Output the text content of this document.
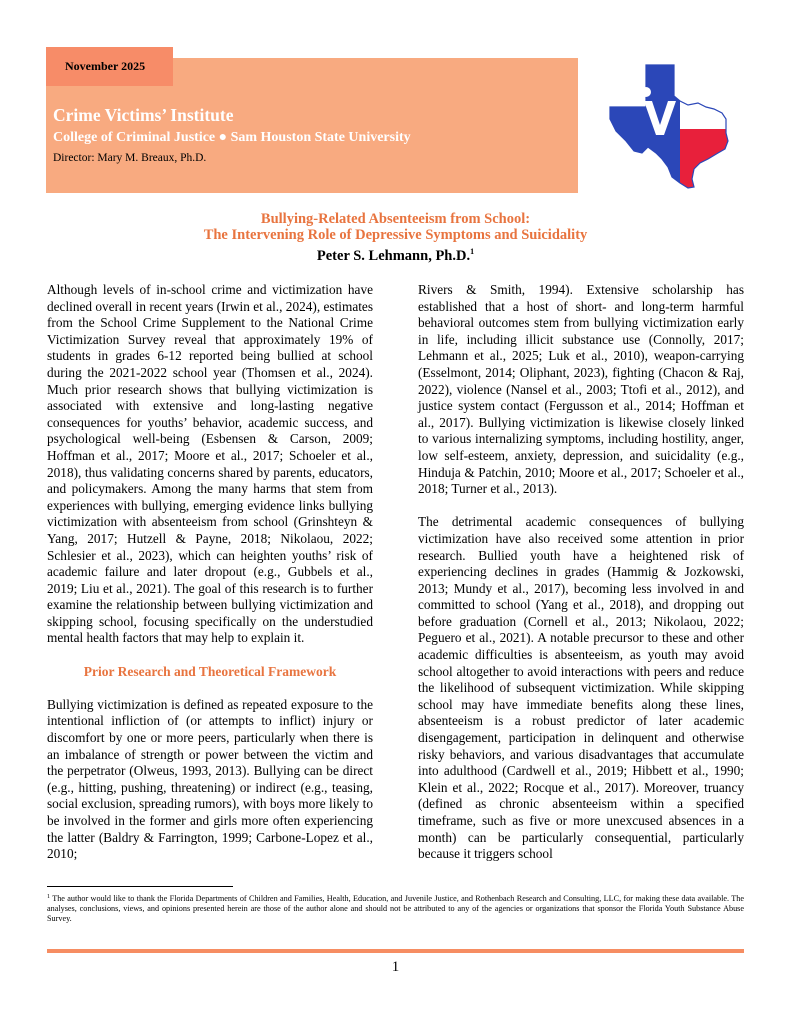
November 2025
Crime Victims’ Institute
College of Criminal Justice ● Sam Houston State University
Director: Mary M. Breaux, Ph.D.
Bullying-Related Absenteeism from School:
The Intervening Role of Depressive Symptoms and Suicidality
Peter S. Lehmann, Ph.D.$^1$

Although levels of in-school crime and victimization have declined overall in recent years (Irwin et al., 2024), estimates from the School Crime Supplement to the National Crime Victimization Survey reveal that approximately 19% of students in grades 6-12 reported being bullied at school during the 2021-2022 school year (Thomsen et al., 2024). Much prior research shows that bullying victimization is associated with extensive and long-lasting negative consequences for youths’ behavior, academic success, and psychological well-being (Esbensen & Carson, 2009; Hoffman et al., 2017; Moore et al., 2017; Schoeler et al., 2018), thus validating concerns shared by parents, educators, and policymakers. Among the many harms that stem from experiences with bullying, emerging evidence links bullying victimization with absenteeism from school (Grinshteyn & Yang, 2017; Hutzell & Payne, 2018; Nikolaou, 2022; Schlesier et al., 2023), which can heighten youths’ risk of academic failure and later dropout (e.g., Gubbels et al., 2019; Liu et al., 2021). The goal of this research is to further examine the relationship between bullying victimization and skipping school, focusing specifically on the understudied mental health factors that may help to explain it.

Prior Research and Theoretical Framework

Bullying victimization is defined as repeated exposure to the intentional infliction of (or attempts to inflict) injury or discomfort by one or more peers, particularly when there is an imbalance of strength or power between the victim and the perpetrator (Olweus, 1993, 2013). Bullying can be direct (e.g., hitting, pushing, threatening) or indirect (e.g., teasing, social exclusion, spreading rumors), with boys more likely to be involved in the former and girls more often experiencing the latter (Baldry & Farrington, 1999; Carbone-Lopez et al., 2010;

Rivers & Smith, 1994). Extensive scholarship has established that a host of short- and long-term harmful behavioral outcomes stem from bullying victimization early in life, including illicit substance use (Connolly, 2017; Lehmann et al., 2025; Luk et al., 2010), weapon-carrying (Esselmont, 2014; Oliphant, 2023), fighting (Chacon & Raj, 2022), violence (Nansel et al., 2003; Ttofi et al., 2012), and justice system contact (Fergusson et al., 2014; Hoffman et al., 2017). Bullying victimization is likewise closely linked to various internalizing symptoms, including hostility, anger, low self-esteem, anxiety, depression, and suicidality (e.g., Hinduja & Patchin, 2010; Moore et al., 2017; Schoeler et al., 2018; Turner et al., 2013).

The detrimental academic consequences of bullying victimization have also received some attention in prior research. Bullied youth have a heightened risk of experiencing declines in grades (Hammig & Jozkowski, 2013; Mundy et al., 2017), becoming less involved in and committed to school (Yang et al., 2018), and dropping out before graduation (Cornell et al., 2013; Nikolaou, 2022; Peguero et al., 2021). A notable precursor to these and other academic difficulties is absenteeism, as youth may avoid school altogether to avoid interactions with peers and reduce the likelihood of subsequent victimization. While skipping school may have immediate benefits along these lines, absenteeism is a robust predictor of later academic disengagement, participation in delinquent and otherwise risky behaviors, and various disadvantages that accumulate into adulthood (Cardwell et al., 2019; Hibbett et al., 1990; Klein et al., 2022; Rocque et al., 2017). Moreover, truancy (defined as chronic absenteeism within a specified timeframe, such as five or more unexcused absences in a month) can be particularly consequential, particularly because it triggers school

$^1$ The author would like to thank the Florida Departments of Children and Families, Health, Education, and Juvenile Justice, and Rothenbach Research and Consulting, LLC, for making these data available. The analyses, conclusions, views, and opinions presented herein are those of the author alone and should not be attributed to any of the agencies or organizations that sponsor the Florida Youth Substance Abuse Survey.
1
